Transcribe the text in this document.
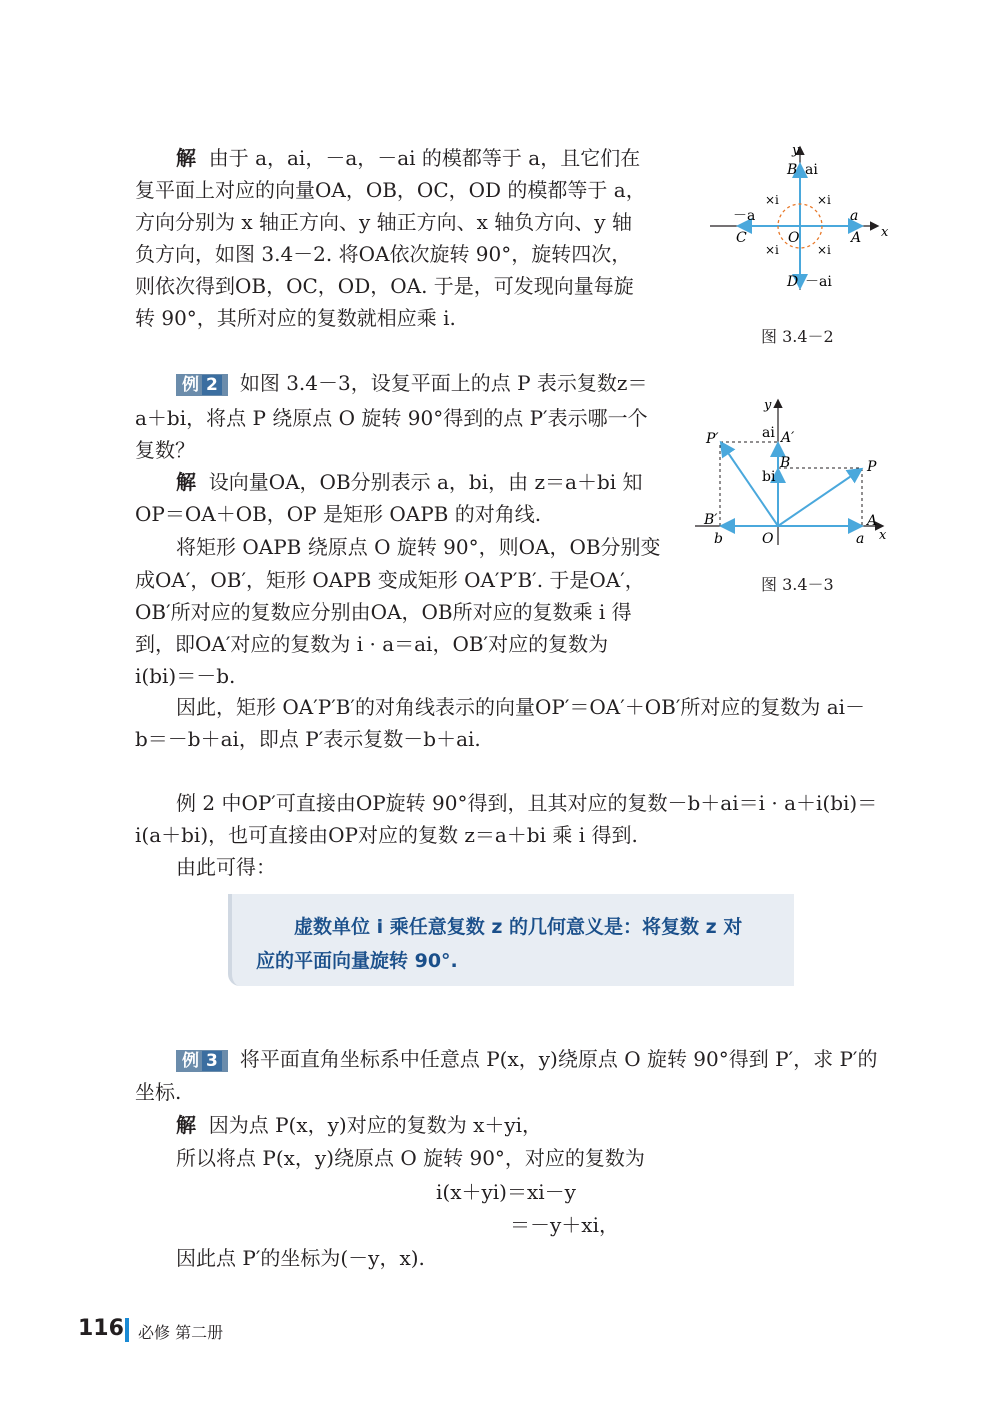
解 由于 a，ai，－a，－ai 的模都等于 a，且它们在
复平面上对应的向量OA，OB，OC，OD 的模都等于 a，
方向分别为 x 轴正方向、y 轴正方向、x 轴负方向、y 轴
负方向，如图 3.4－2. 将OA依次旋转 90°，旋转四次，
则依次得到OB，OC，OD，OA. 于是，可发现向量每旋
转 90°，其所对应的复数就相应乘 i.
y
B ai
×i	×i
－a	a
x
C	O	A
×i	×i
D －ai
图 3.4－2
例 2 如图 3.4－3，设复平面上的点 P 表示复数z＝
a＋bi，将点 P 绕原点 O 旋转 90°得到的点 P′表示哪一个
复数？
解 设向量OA，OB分别表示 a，bi，由 z＝a＋bi 知
OP＝OA＋OB，OP 是矩形 OAPB 的对角线.
将矩形 OAPB 绕原点 O 旋转 90°，则OA，OB分别变
成OA′，OB′，矩形 OAPB 变成矩形 OA′P′B′. 于是OA′，
OB′所对应的复数应分别由OA，OB所对应的复数乘 i 得
到，即OA′对应的复数为 i · a＝ai，OB′对应的复数为
i(bi)＝－b.
因此，矩形 OA′P′B′的对角线表示的向量OP′＝OA′＋OB′所对应的复数为 ai－
b＝－b＋ai，即点 P′表示复数－b＋ai.
y
P′	ai A′
B
bi
P
B′	A
x
b	O	a
图 3.4－3
例 2 中OP′可直接由OP旋转 90°得到，且其对应的复数－b＋ai＝i · a＋i(bi)＝
i(a＋bi)，也可直接由OP对应的复数 z＝a＋bi 乘 i 得到.
由此可得：
虚数单位 i 乘任意复数 z 的几何意义是：将复数 z 对
应的平面向量旋转 90°.
例 3 将平面直角坐标系中任意点 P(x，y)绕原点 O 旋转 90°得到 P′，求 P′的
坐标.
解 因为点 P(x，y)对应的复数为 x＋yi，
所以将点 P(x，y)绕原点 O 旋转 90°，对应的复数为
i(x＋yi)＝xi－y
＝－y＋xi，
因此点 P′的坐标为(－y，x).
116 必修 第二册
